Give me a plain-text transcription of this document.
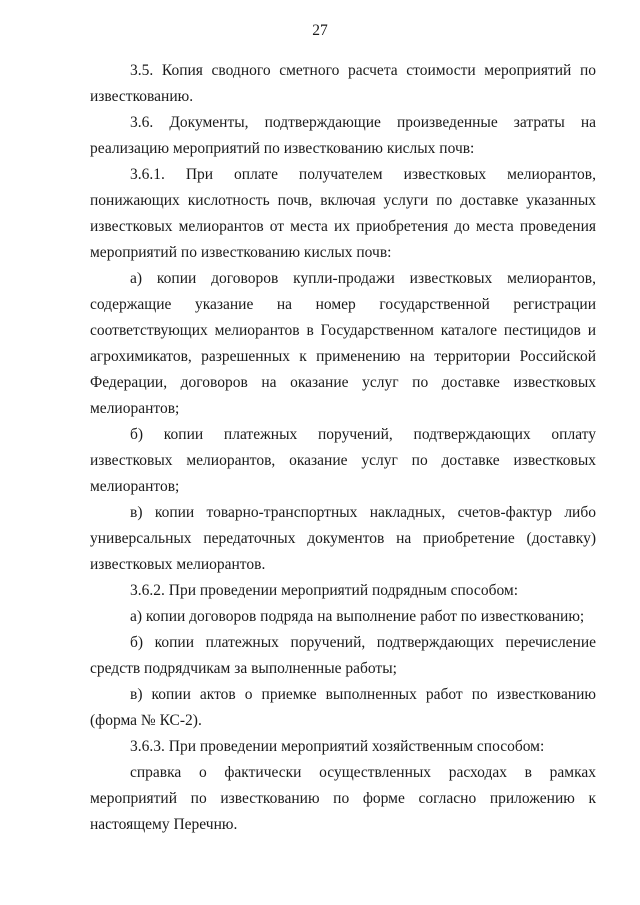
27

3.5. Копия сводного сметного расчета стоимости мероприятий по известкованию.

3.6. Документы, подтверждающие произведенные затраты на реализацию мероприятий по известкованию кислых почв:

3.6.1. При оплате получателем известковых мелиорантов, понижающих кислотность почв, включая услуги по доставке указанных известковых мелиорантов от места их приобретения до места проведения мероприятий по известкованию кислых почв:

а) копии договоров купли-продажи известковых мелиорантов, содержащие указание на номер государственной регистрации соответствующих мелиорантов в Государственном каталоге пестицидов и агрохимикатов, разрешенных к применению на территории Российской Федерации, договоров на оказание услуг по доставке известковых мелиорантов;

б) копии платежных поручений, подтверждающих оплату известковых мелиорантов, оказание услуг по доставке известковых мелиорантов;

в) копии товарно-транспортных накладных, счетов-фактур либо универсальных передаточных документов на приобретение (доставку) известковых мелиорантов.

3.6.2. При проведении мероприятий подрядным способом:

а) копии договоров подряда на выполнение работ по известкованию;

б) копии платежных поручений, подтверждающих перечисление средств подрядчикам за выполненные работы;

в) копии актов о приемке выполненных работ по известкованию (форма № КС-2).

3.6.3. При проведении мероприятий хозяйственным способом:

справка о фактически осуществленных расходах в рамках мероприятий по известкованию по форме согласно приложению к настоящему Перечню.
